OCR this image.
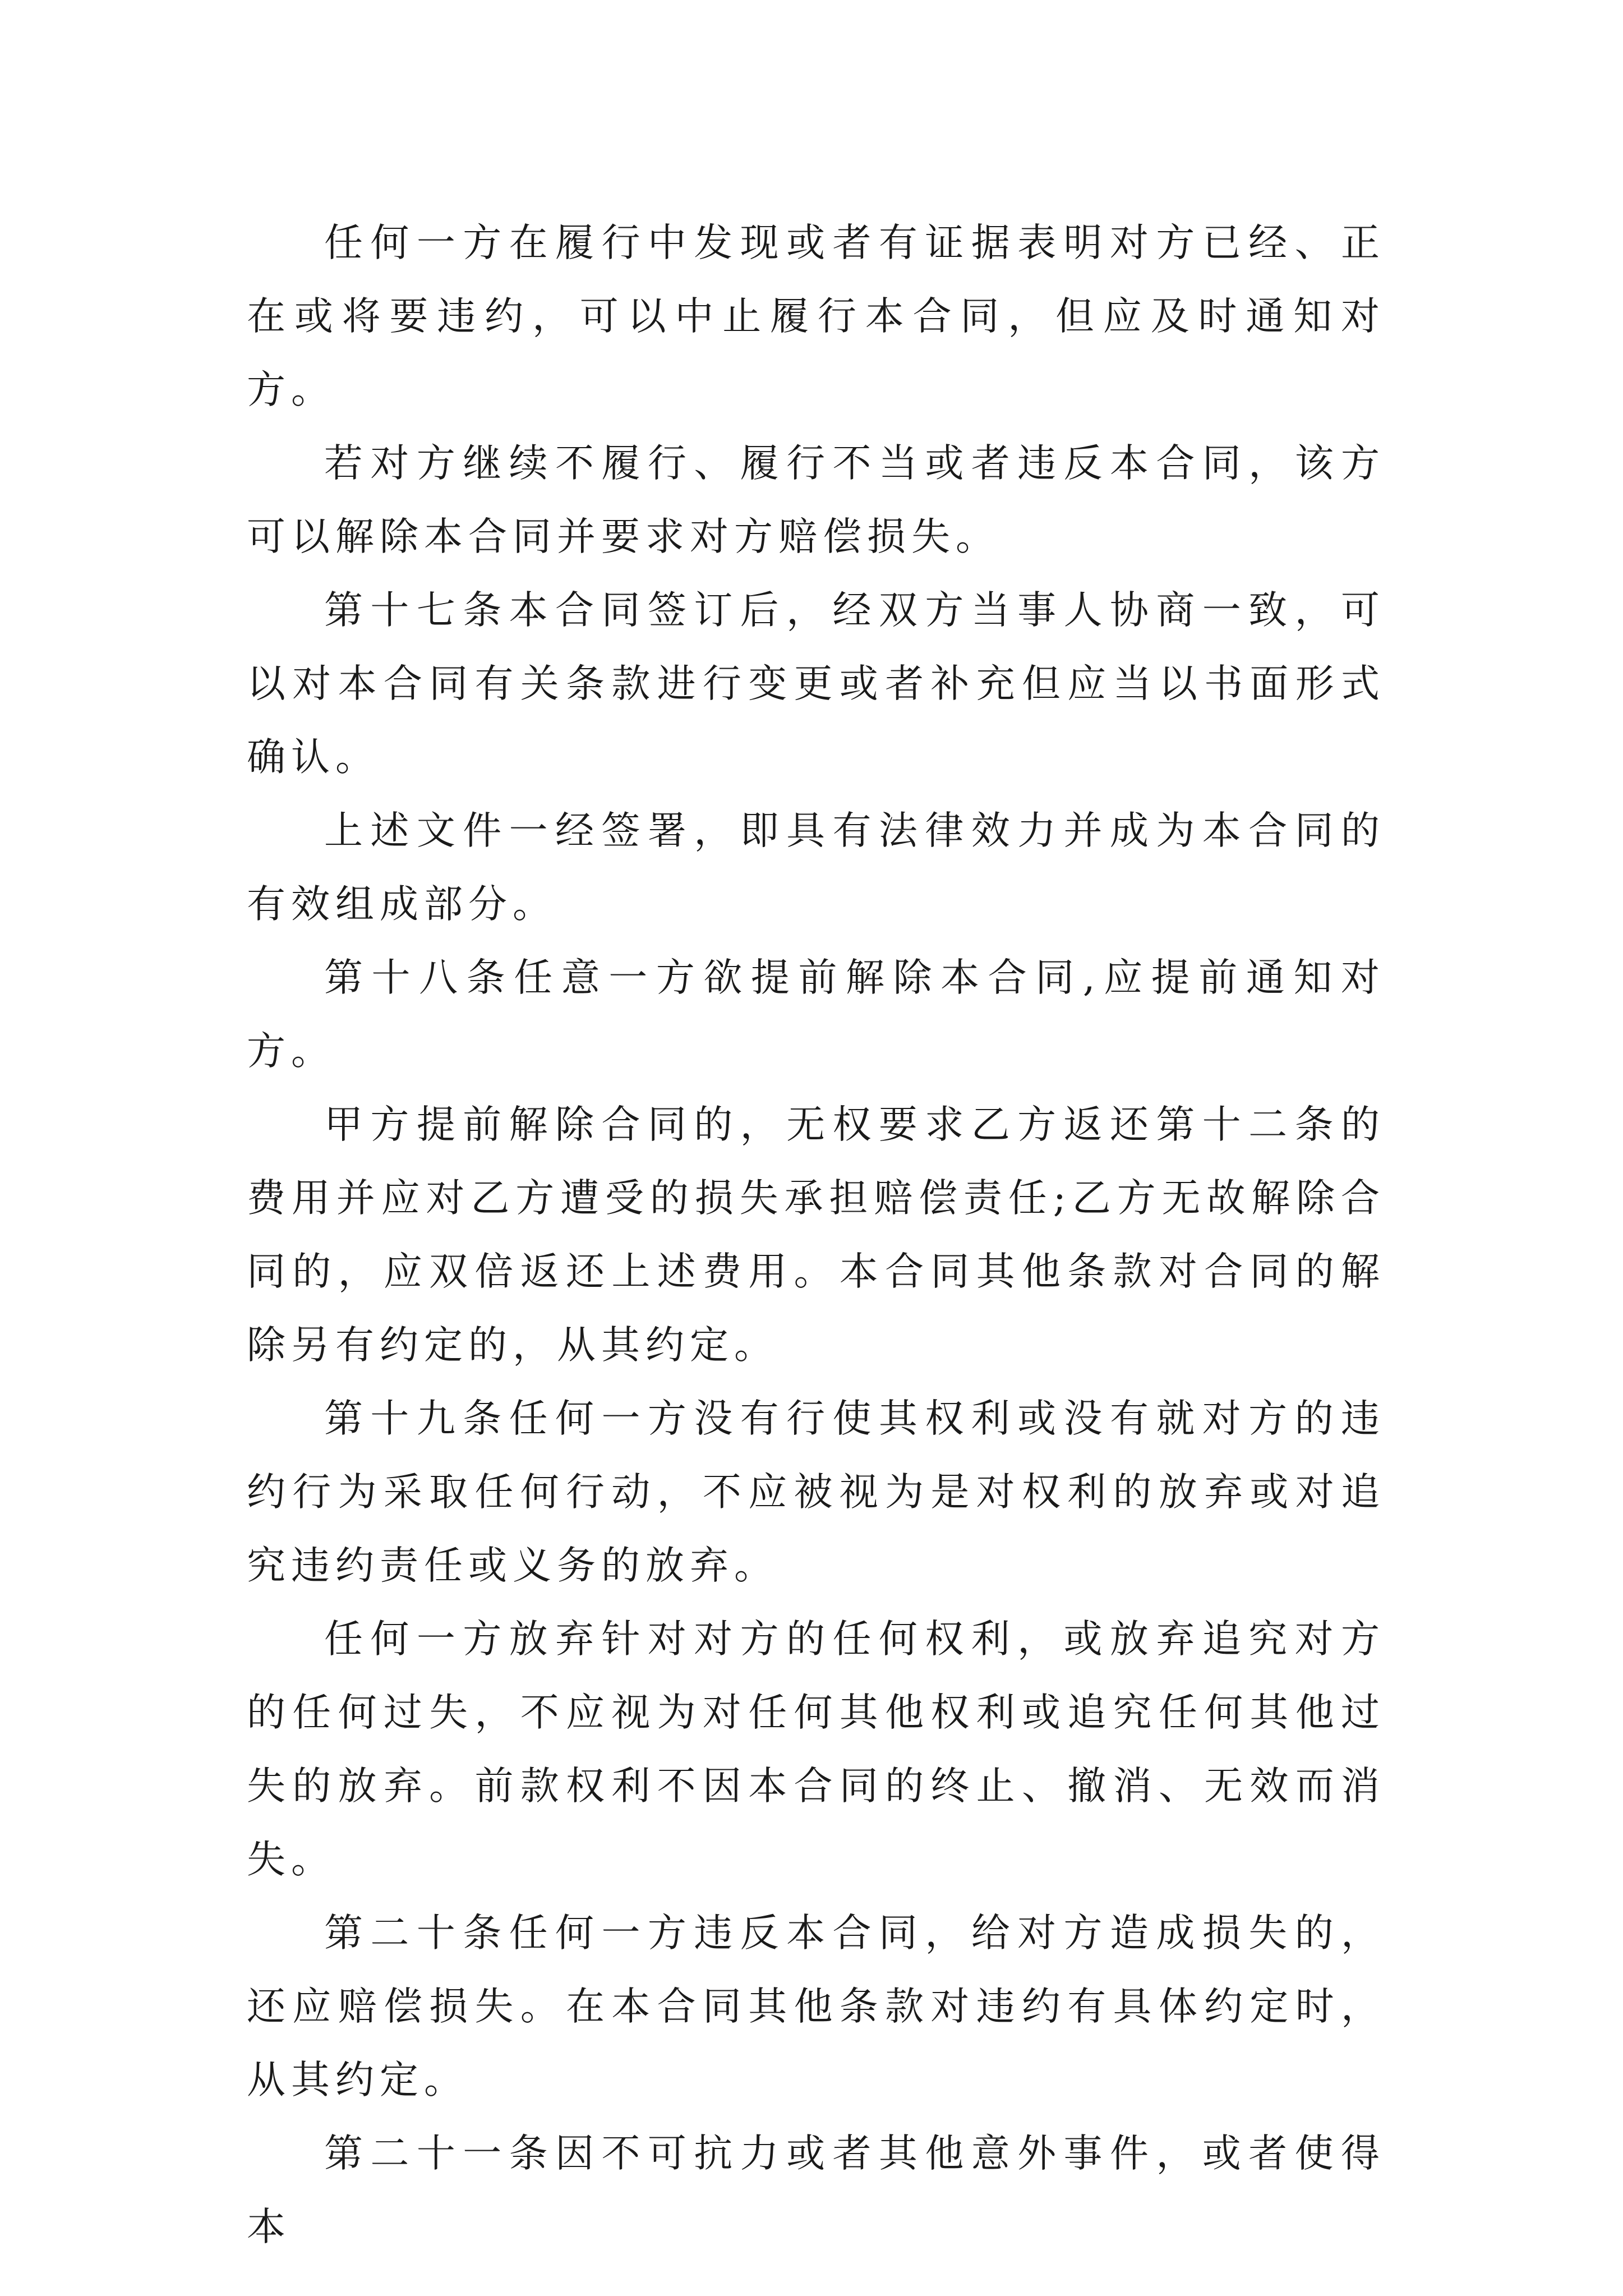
任何一方在履行中发现或者有证据表明对方已经、正在或将要违约，可以中止履行本合同，但应及时通知对方。

若对方继续不履行、履行不当或者违反本合同，该方可以解除本合同并要求对方赔偿损失。

第十七条本合同签订后，经双方当事人协商一致，可以对本合同有关条款进行变更或者补充但应当以书面形式确认。

上述文件一经签署，即具有法律效力并成为本合同的有效组成部分。

第十八条任意一方欲提前解除本合同,应提前通知对方。

甲方提前解除合同的，无权要求乙方返还第十二条的费用并应对乙方遭受的损失承担赔偿责任;乙方无故解除合同的，应双倍返还上述费用。本合同其他条款对合同的解除另有约定的，从其约定。

第十九条任何一方没有行使其权利或没有就对方的违约行为采取任何行动，不应被视为是对权利的放弃或对追究违约责任或义务的放弃。

任何一方放弃针对对方的任何权利，或放弃追究对方的任何过失，不应视为对任何其他权利或追究任何其他过失的放弃。前款权利不因本合同的终止、撤消、无效而消失。

第二十条任何一方违反本合同，给对方造成损失的，还应赔偿损失。在本合同其他条款对违约有具体约定时，从其约定。

第二十一条因不可抗力或者其他意外事件，或者使得本
